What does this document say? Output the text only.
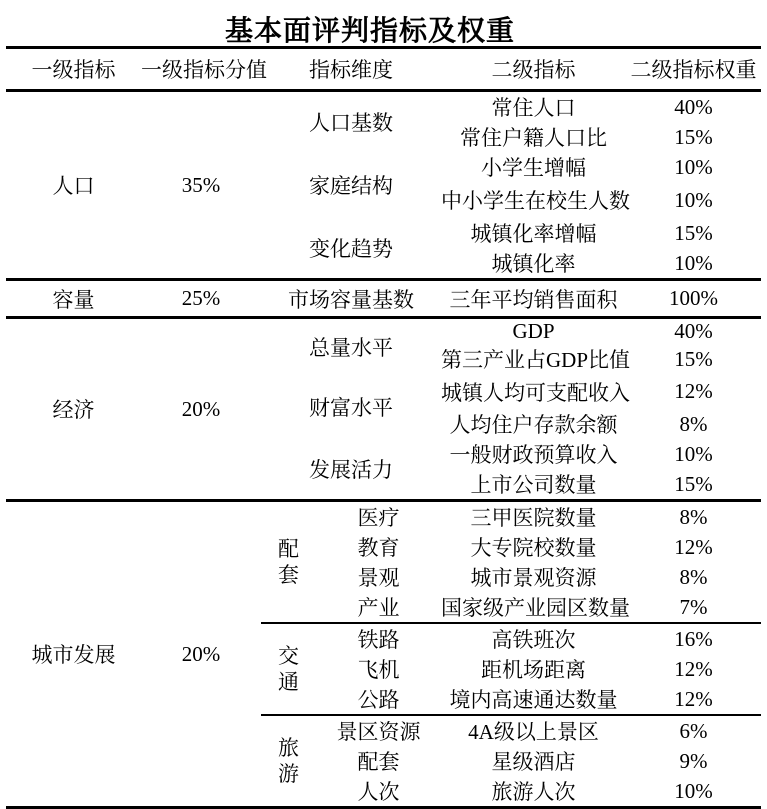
基本面评判指标及权重
一级指标	一级指标分值	指标维度		二级指标	二级指标权重
人口	35%	人口基数		常住人口	40%
				常住户籍人口比	15%
		家庭结构		小学生增幅	10%
				中小学生在校生人数	10%
		变化趋势		城镇化率增幅	15%
				城镇化率	10%
容量	25%	市场容量基数		三年平均销售面积	100%
经济	20%	总量水平		GDP	40%
				第三产业占GDP比值	15%
		财富水平		城镇人均可支配收入	12%
				人均住户存款余额	8%
		发展活力		一般财政预算收入	10%
				上市公司数量	15%
城市发展	20%	配套	医疗	三甲医院数量	8%
			教育	大专院校数量	12%
			景观	城市景观资源	8%
			产业	国家级产业园区数量	7%

		交通	铁路	高铁班次	16%
			飞机	距机场距离	12%
			公路	境内高速通达数量	12%

		旅游	景区资源	4A级以上景区	6%
			配套	星级酒店	9%
			人次	旅游人次	10%
